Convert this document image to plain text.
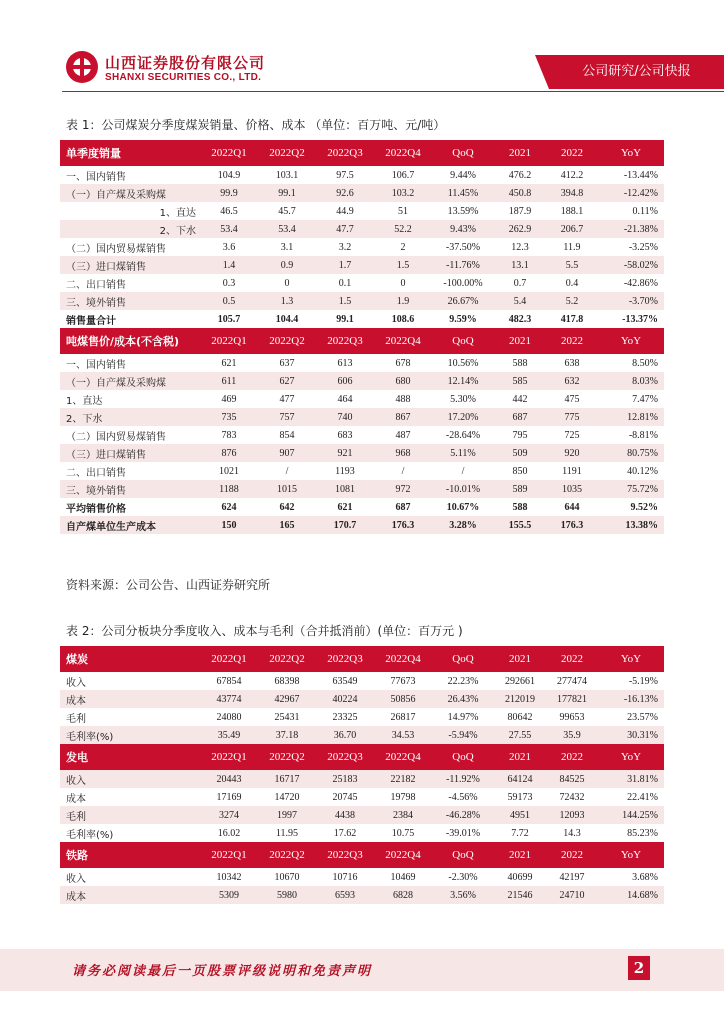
山西证券股份有限公司
SHANXI SECURITIES CO., LTD.	公司研究/公司快报
表 1：公司煤炭分季度煤炭销量、价格、成本 （单位：百万吨、元/吨）
单季度销量	2022Q1	2022Q2	2022Q3	2022Q4	QoQ	2021	2022	YoY
一、国内销售	104.9	103.1	97.5	106.7	9.44%	476.2	412.2	-13.44%
（一）自产煤及采购煤	99.9	99.1	92.6	103.2	11.45%	450.8	394.8	-12.42%
1、直达	46.5	45.7	44.9	51	13.59%	187.9	188.1	0.11%
2、下水	53.4	53.4	47.7	52.2	9.43%	262.9	206.7	-21.38%
（二）国内贸易煤销售	3.6	3.1	3.2	2	-37.50%	12.3	11.9	-3.25%
（三）进口煤销售	1.4	0.9	1.7	1.5	-11.76%	13.1	5.5	-58.02%
二、出口销售	0.3	0	0.1	0	-100.00%	0.7	0.4	-42.86%
三、境外销售	0.5	1.3	1.5	1.9	26.67%	5.4	5.2	-3.70%
销售量合计	105.7	104.4	99.1	108.6	9.59%	482.3	417.8	-13.37%
吨煤售价/成本(不含税)	2022Q1	2022Q2	2022Q3	2022Q4	QoQ	2021	2022	YoY
一、国内销售	621	637	613	678	10.56%	588	638	8.50%
（一）自产煤及采购煤	611	627	606	680	12.14%	585	632	8.03%
1、直达	469	477	464	488	5.30%	442	475	7.47%
2、下水	735	757	740	867	17.20%	687	775	12.81%
（二）国内贸易煤销售	783	854	683	487	-28.64%	795	725	-8.81%
（三）进口煤销售	876	907	921	968	5.11%	509	920	80.75%
二、出口销售	1021	/	1193	/	/	850	1191	40.12%
三、境外销售	1188	1015	1081	972	-10.01%	589	1035	75.72%
平均销售价格	624	642	621	687	10.67%	588	644	9.52%
自产煤单位生产成本	150	165	170.7	176.3	3.28%	155.5	176.3	13.38%
资料来源：公司公告、山西证券研究所
表 2：公司分板块分季度收入、成本与毛利（合并抵消前）(单位：百万元 )
煤炭	2022Q1	2022Q2	2022Q3	2022Q4	QoQ	2021	2022	YoY
收入	67854	68398	63549	77673	22.23%	292661	277474	-5.19%
成本	43774	42967	40224	50856	26.43%	212019	177821	-16.13%
毛利	24080	25431	23325	26817	14.97%	80642	99653	23.57%
毛利率(%)	35.49	37.18	36.70	34.53	-5.94%	27.55	35.9	30.31%
发电	2022Q1	2022Q2	2022Q3	2022Q4	QoQ	2021	2022	YoY
收入	20443	16717	25183	22182	-11.92%	64124	84525	31.81%
成本	17169	14720	20745	19798	-4.56%	59173	72432	22.41%
毛利	3274	1997	4438	2384	-46.28%	4951	12093	144.25%
毛利率(%)	16.02	11.95	17.62	10.75	-39.01%	7.72	14.3	85.23%
铁路	2022Q1	2022Q2	2022Q3	2022Q4	QoQ	2021	2022	YoY
收入	10342	10670	10716	10469	-2.30%	40699	42197	3.68%
成本	5309	5980	6593	6828	3.56%	21546	24710	14.68%
请务必阅读最后一页股票评级说明和免责声明	2
